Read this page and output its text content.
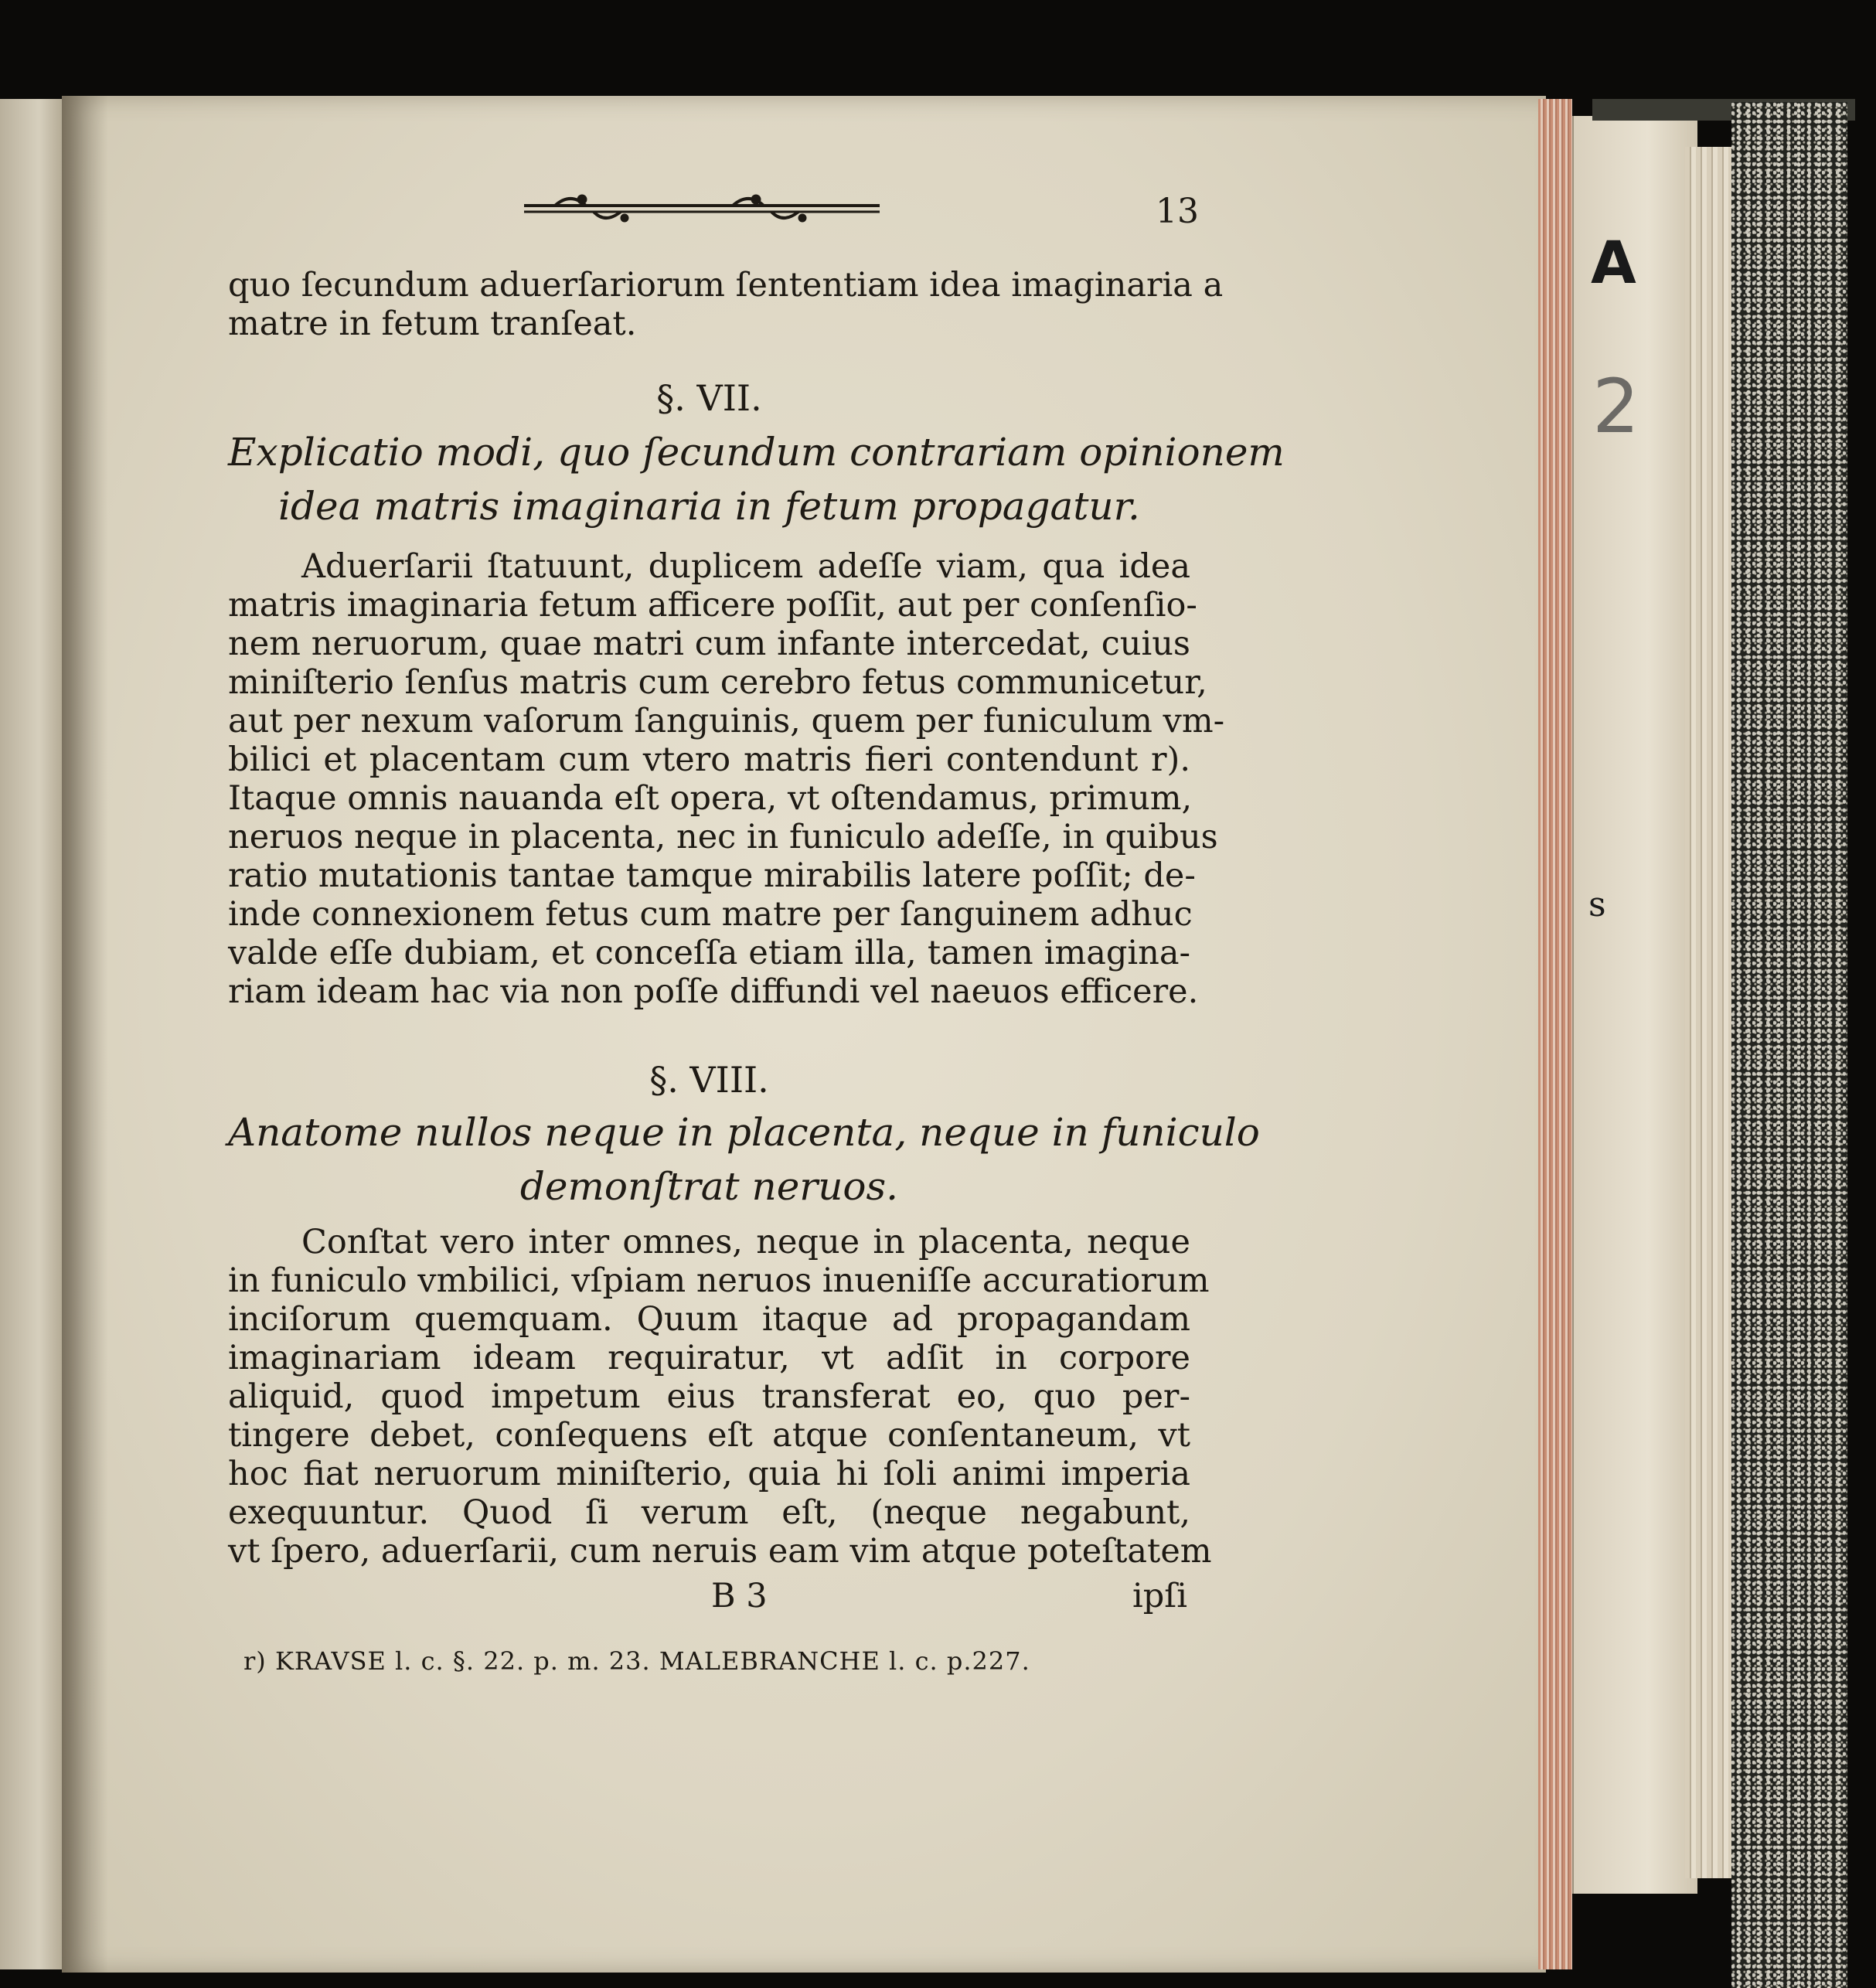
A
2
s
13
quo ſecundum aduerſariorum ſententiam idea imaginaria a
matre in fetum tranſeat.
§. VII.
Explicatio modi, quo ſecundum contrariam opinionem
idea matris imaginaria in fetum propagatur.
Aduerſarii ſtatuunt, duplicem adeſſe viam, qua idea
matris imaginaria fetum afficere poſſit, aut per conſenſio-
nem neruorum, quae matri cum infante intercedat, cuius
miniſterio ſenſus matris cum cerebro fetus communicetur,
aut per nexum vaſorum ſanguinis, quem per funiculum vm-
bilici et placentam cum vtero matris fieri contendunt r).
Itaque omnis nauanda eſt opera, vt oſtendamus, primum,
neruos neque in placenta, nec in funiculo adeſſe, in quibus
ratio mutationis tantae tamque mirabilis latere poſſit; de-
inde connexionem fetus cum matre per ſanguinem adhuc
valde eſſe dubiam, et conceſſa etiam illa, tamen imagina-
riam ideam hac via non poſſe diffundi vel naeuos efficere.
§. VIII.
Anatome nullos neque in placenta, neque in funiculo
demonſtrat neruos.
Conſtat vero inter omnes, neque in placenta, neque
in funiculo vmbilici, vſpiam neruos inueniſſe accuratiorum
inciſorum quemquam. Quum itaque ad propagandam
imaginariam ideam requiratur, vt adſit in corpore
aliquid, quod impetum eius transferat eo, quo per-
tingere debet, conſequens eſt atque conſentaneum, vt
hoc fiat neruorum miniſterio, quia hi ſoli animi imperia
exequuntur. Quod ſi verum eſt, (neque negabunt,
vt ſpero, aduerſarii, cum neruis eam vim atque poteſtatem
B 3	ipſi
r) KRAVSE l. c. §. 22. p. m. 23. MALEBRANCHE l. c. p.227.
